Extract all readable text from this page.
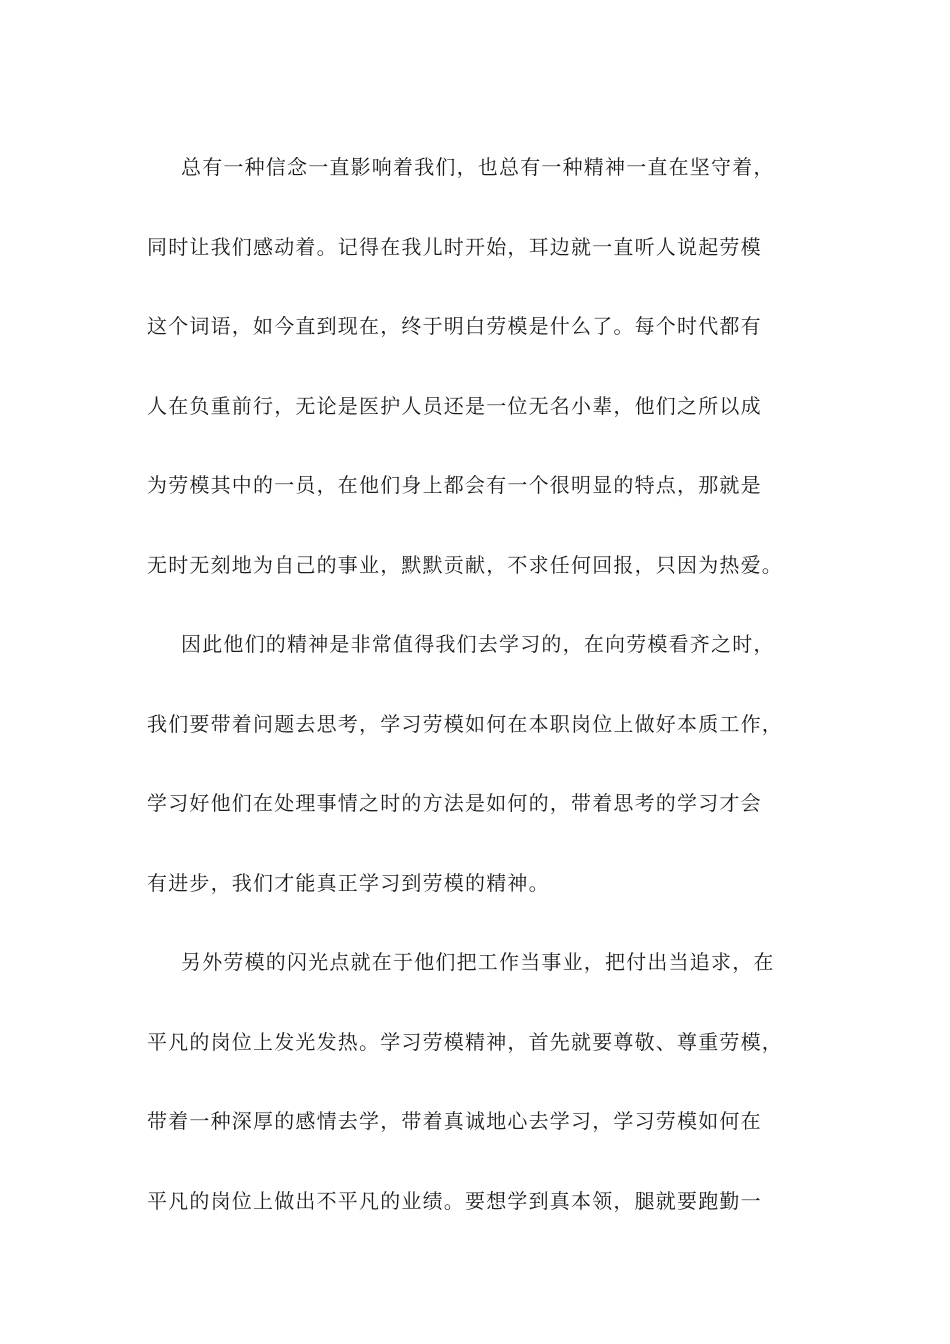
总有一种信念一直影响着我们，也总有一种精神一直在坚守着，
同时让我们感动着。记得在我儿时开始，耳边就一直听人说起劳模
这个词语，如今直到现在，终于明白劳模是什么了。每个时代都有
人在负重前行，无论是医护人员还是一位无名小辈，他们之所以成
为劳模其中的一员，在他们身上都会有一个很明显的特点，那就是
无时无刻地为自己的事业，默默贡献，不求任何回报，只因为热爱。
因此他们的精神是非常值得我们去学习的，在向劳模看齐之时，
我们要带着问题去思考，学习劳模如何在本职岗位上做好本质工作，
学习好他们在处理事情之时的方法是如何的，带着思考的学习才会
有进步，我们才能真正学习到劳模的精神。
另外劳模的闪光点就在于他们把工作当事业，把付出当追求，在
平凡的岗位上发光发热。学习劳模精神，首先就要尊敬、尊重劳模，
带着一种深厚的感情去学，带着真诚地心去学习，学习劳模如何在
平凡的岗位上做出不平凡的业绩。要想学到真本领，腿就要跑勤一
